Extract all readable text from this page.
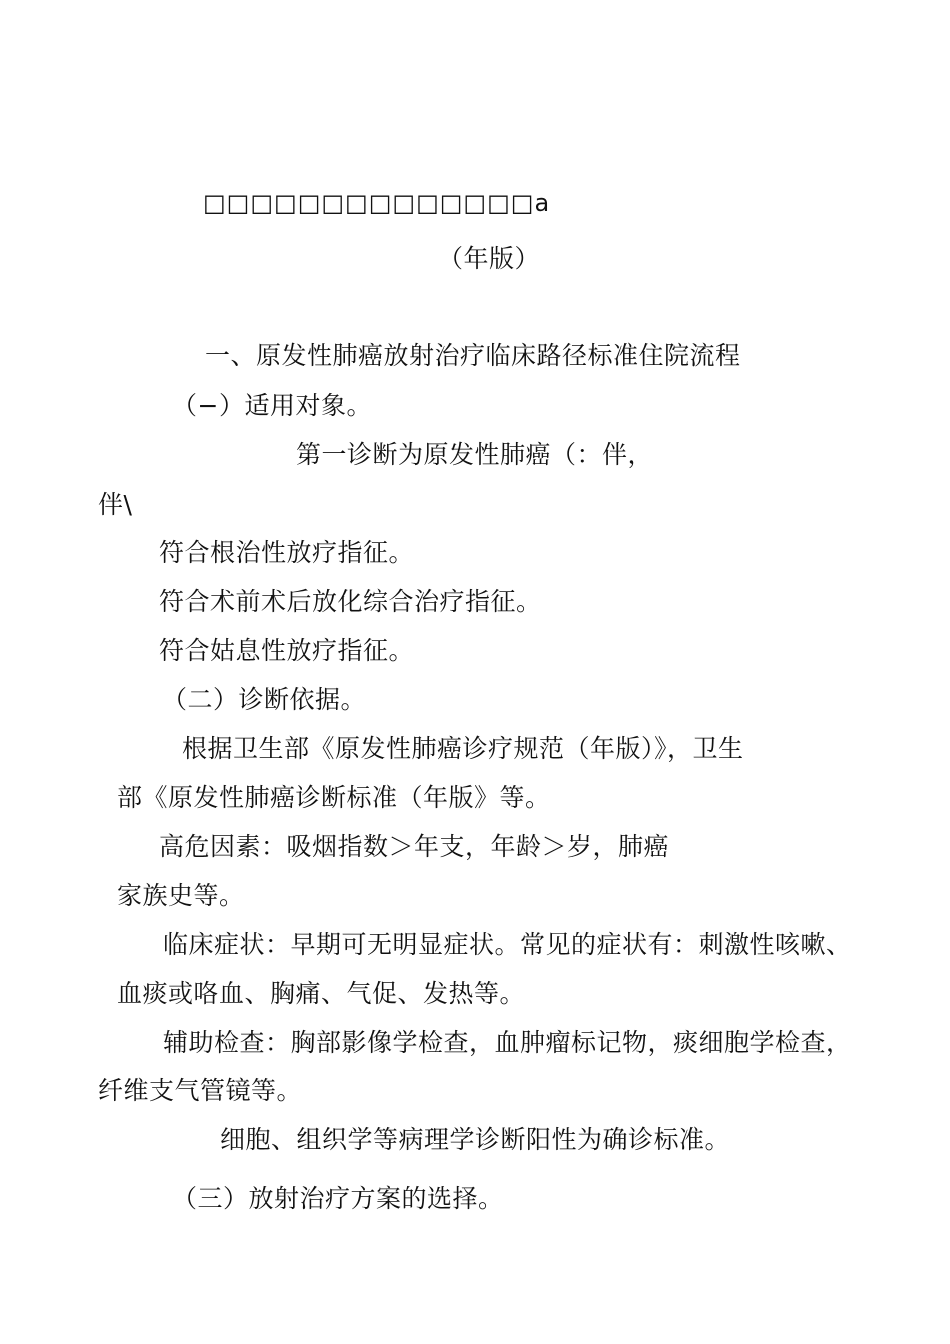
□□□□□□□□□□□□□□a
（年版）
一、原发性肺癌放射治疗临床路径标准住院流程
（−）适用对象。
第一诊断为原发性肺癌（：伴，
伴\
符合根治性放疗指征。
符合术前术后放化综合治疗指征。
符合姑息性放疗指征。
（二）诊断依据。
根据卫生部《原发性肺癌诊疗规范（年版）》，卫生
部《原发性肺癌诊断标准（年版》等。
高危因素：吸烟指数＞年支，年龄＞岁，肺癌
家族史等。
临床症状：早期可无明显症状。常见的症状有：刺激性咳嗽、
血痰或咯血、胸痛、气促、发热等。
辅助检查：胸部影像学检查，血肿瘤标记物，痰细胞学检查，
纤维支气管镜等。
细胞、组织学等病理学诊断阳性为确诊标准。
（三）放射治疗方案的选择。
